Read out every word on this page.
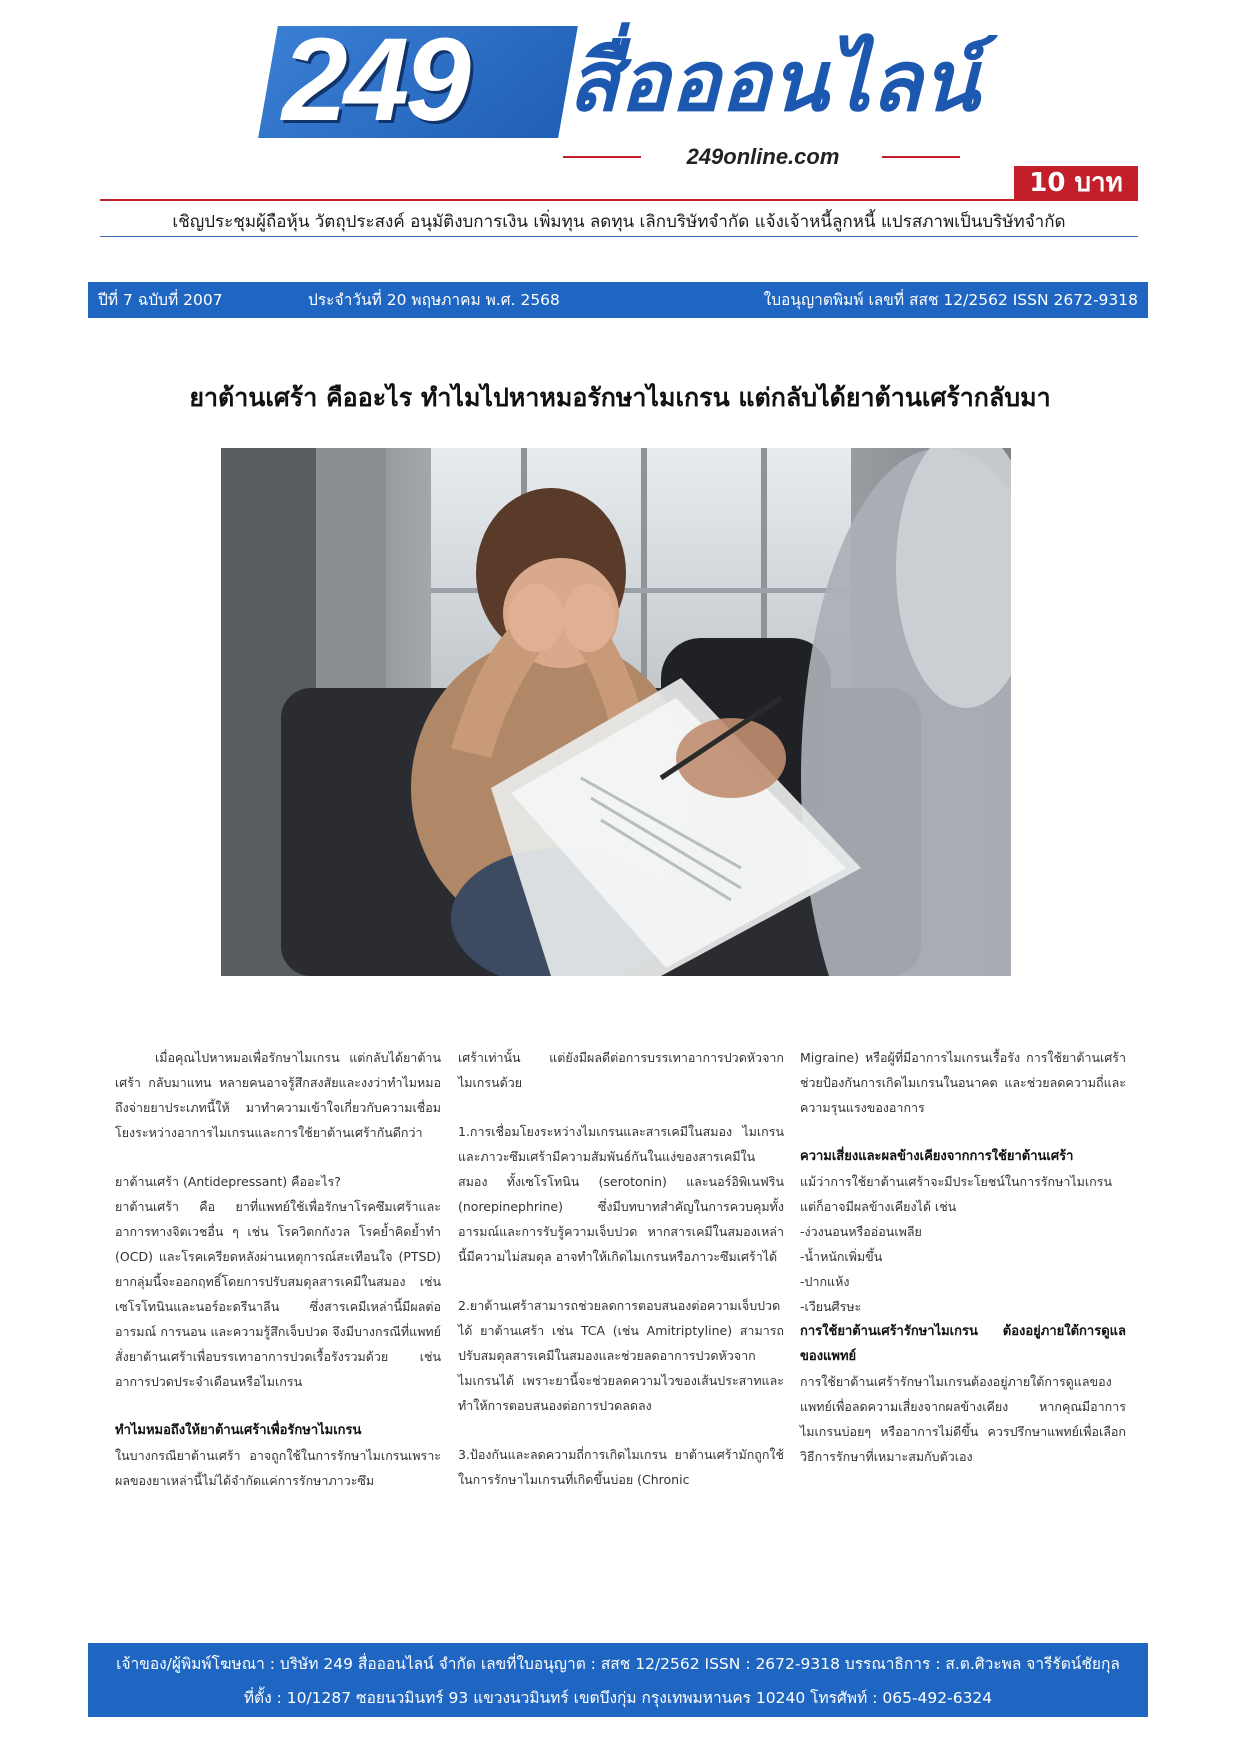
249	สื่อออนไลน์
249online.com
10 บาท
เชิญประชุมผู้ถือหุ้น วัตถุประสงค์ อนุมัติงบการเงิน เพิ่มทุน ลดทุน เลิกบริษัทจำกัด แจ้งเจ้าหนี้ลูกหนี้ แปรสภาพเป็นบริษัทจำกัด
ปีที่ 7 ฉบับที่ 2007	ประจำวันที่ 20 พฤษภาคม พ.ศ. 2568	ใบอนุญาตพิมพ์ เลขที่ สสช 12/2562 ISSN 2672-9318
ยาต้านเศร้า คืออะไร ทำไมไปหาหมอรักษาไมเกรน แต่กลับได้ยาต้านเศร้ากลับมา

เมื่อคุณไปหาหมอเพื่อรักษาไมเกรน แต่กลับได้ยาต้านเศร้า กลับมาแทน หลายคนอาจรู้สึกสงสัยและงงว่าทำไมหมอถึงจ่ายยาประเภทนี้ให้ มาทำความเข้าใจเกี่ยวกับความเชื่อมโยงระหว่างอาการไมเกรนและการใช้ยาต้านเศร้ากันดีกว่า

ยาต้านเศร้า (Antidepressant) คืออะไร?

ยาต้านเศร้า คือ ยาที่แพทย์ใช้เพื่อรักษาโรคซึมเศร้าและอาการทางจิตเวชอื่น ๆ เช่น โรควิตกกังวล โรคย้ำคิดย้ำทำ (OCD) และโรคเครียดหลังผ่านเหตุการณ์สะเทือนใจ (PTSD) ยากลุ่มนี้จะออกฤทธิ์โดยการปรับสมดุลสารเคมีในสมอง เช่น เซโรโทนินและนอร์อะดรีนาลีน ซึ่งสารเคมีเหล่านี้มีผลต่ออารมณ์ การนอน และความรู้สึกเจ็บปวด จึงมีบางกรณีที่แพทย์สั่งยาต้านเศร้าเพื่อบรรเทาอาการปวดเรื้อรังรวมด้วย เช่น อาการปวดประจำเดือนหรือไมเกรน

ทำไมหมอถึงให้ยาต้านเศร้าเพื่อรักษาไมเกรน

ในบางกรณียาต้านเศร้า อาจถูกใช้ในการรักษาไมเกรนเพราะผลของยาเหล่านี้ไม่ได้จำกัดแค่การรักษาภาวะซึม

เศร้าเท่านั้น แต่ยังมีผลดีต่อการบรรเทาอาการปวดหัวจากไมเกรนด้วย

1.การเชื่อมโยงระหว่างไมเกรนและสารเคมีในสมอง ไมเกรนและภาวะซึมเศร้ามีความสัมพันธ์กันในแง่ของสารเคมีในสมอง ทั้งเซโรโทนิน (serotonin) และนอร์อิพิเนฟริน (norepinephrine) ซึ่งมีบทบาทสำคัญในการควบคุมทั้งอารมณ์และการรับรู้ความเจ็บปวด หากสารเคมีในสมองเหล่านี้มีความไม่สมดุล อาจทำให้เกิดไมเกรนหรือภาวะซึมเศร้าได้

2.ยาต้านเศร้าสามารถช่วยลดการตอบสนองต่อความเจ็บปวดได้ ยาต้านเศร้า เช่น TCA (เช่น Amitriptyline) สามารถปรับสมดุลสารเคมีในสมองและช่วยลดอาการปวดหัวจากไมเกรนได้ เพราะยานี้จะช่วยลดความไวของเส้นประสาทและทำให้การตอบสนองต่อการปวดลดลง

3.ป้องกันและลดความถี่การเกิดไมเกรน ยาต้านเศร้ามักถูกใช้ในการรักษาไมเกรนที่เกิดขึ้นบ่อย (Chronic

Migraine) หรือผู้ที่มีอาการไมเกรนเรื้อรัง การใช้ยาต้านเศร้าช่วยป้องกันการเกิดไมเกรนในอนาคต และช่วยลดความถี่และความรุนแรงของอาการ

ความเสี่ยงและผลข้างเคียงจากการใช้ยาต้านเศร้า

แม้ว่าการใช้ยาต้านเศร้าจะมีประโยชน์ในการรักษาไมเกรน แต่ก็อาจมีผลข้างเคียงได้ เช่น

-ง่วงนอนหรืออ่อนเพลีย

-น้ำหนักเพิ่มขึ้น

-ปากแห้ง

-เวียนศีรษะ

การใช้ยาต้านเศร้ารักษาไมเกรน ต้องอยู่ภายใต้การดูแลของแพทย์

การใช้ยาต้านเศร้ารักษาไมเกรนต้องอยู่ภายใต้การดูแลของแพทย์เพื่อลดความเสี่ยงจากผลข้างเคียง หากคุณมีอาการไมเกรนบ่อยๆ หรืออาการไม่ดีขึ้น ควรปรึกษาแพทย์เพื่อเลือกวิธีการรักษาที่เหมาะสมกับตัวเอง

เจ้าของ/ผู้พิมพ์โฆษณา : บริษัท 249 สื่อออนไลน์ จำกัด เลขที่ใบอนุญาต : สสช 12/2562 ISSN : 2672-9318 บรรณาธิการ : ส.ต.ศิวะพล จารีรัตน์ชัยกุล
ที่ตั้ง : 10/1287 ซอยนวมินทร์ 93 แขวงนวมินทร์ เขตบึงกุ่ม กรุงเทพมหานคร 10240 โทรศัพท์ : 065-492-6324
